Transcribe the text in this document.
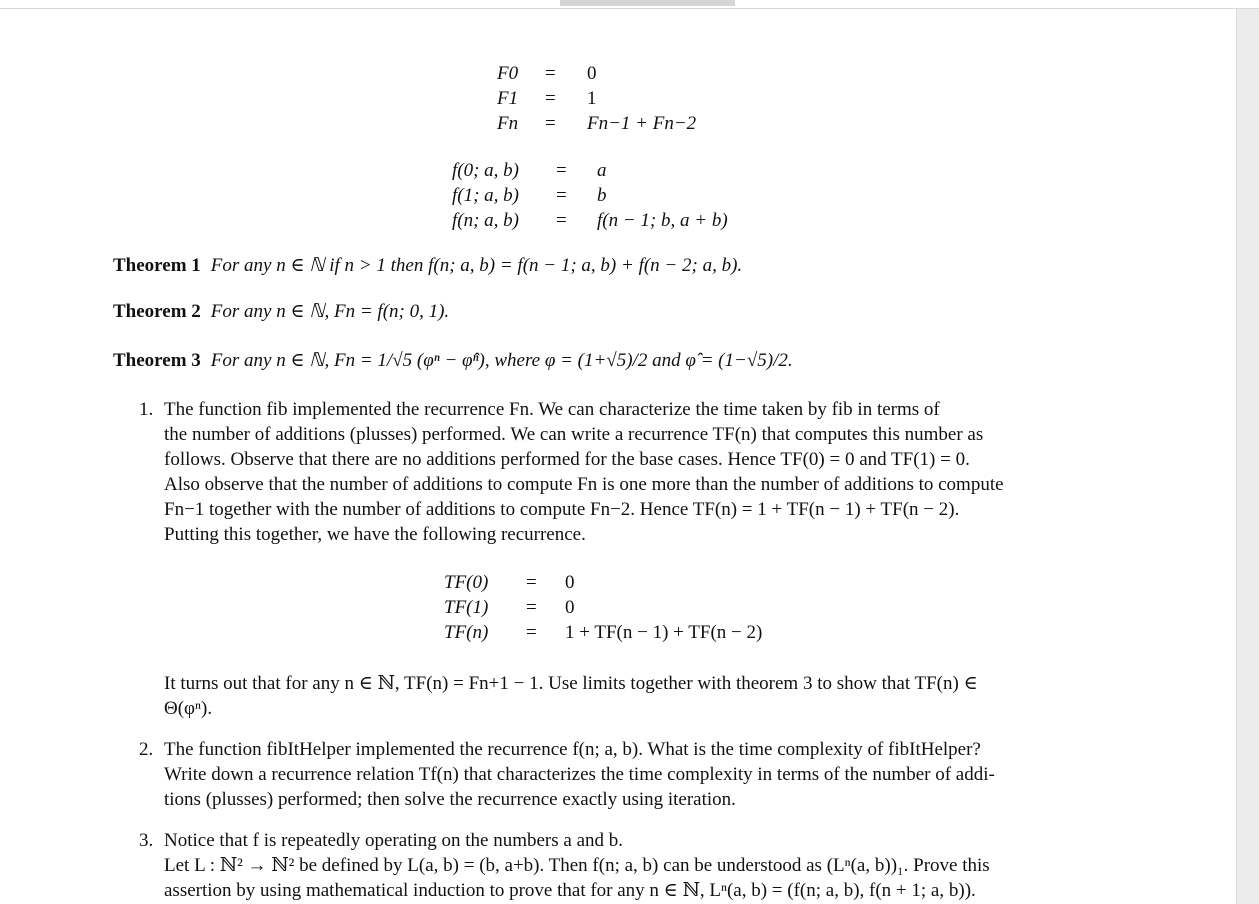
F0 = 0
F1 = 1
Fn = Fn−1 + Fn−2
f(0; a, b) = a
f(1; a, b) = b
f(n; a, b) = f(n − 1; b, a + b)
Theorem 1 For any n ∈ ℕ if n > 1 then f(n; a, b) = f(n − 1; a, b) + f(n − 2; a, b).
Theorem 2 For any n ∈ ℕ, Fn = f(n; 0, 1).
Theorem 3 For any n ∈ ℕ, Fn = 1/√5 (φⁿ − φ̂ⁿ), where φ = (1+√5)/2 and φ̂ = (1−√5)/2.
1. The function fib implemented the recurrence Fn. We can characterize the time taken by fib in terms of
the number of additions (plusses) performed. We can write a recurrence TF(n) that computes this number as
follows. Observe that there are no additions performed for the base cases. Hence TF(0) = 0 and TF(1) = 0.
Also observe that the number of additions to compute Fn is one more than the number of additions to compute
Fn−1 together with the number of additions to compute Fn−2. Hence TF(n) = 1 + TF(n − 1) + TF(n − 2).
Putting this together, we have the following recurrence.
TF(0) = 0
TF(1) = 0
TF(n) = 1 + TF(n − 1) + TF(n − 2)
It turns out that for any n ∈ ℕ, TF(n) = Fn+1 − 1. Use limits together with theorem 3 to show that TF(n) ∈
Θ(φⁿ).
2. The function fibItHelper implemented the recurrence f(n; a, b). What is the time complexity of fibItHelper?
Write down a recurrence relation Tf(n) that characterizes the time complexity in terms of the number of addi-
tions (plusses) performed; then solve the recurrence exactly using iteration.
3. Notice that f is repeatedly operating on the numbers a and b.
Let L : ℕ² → ℕ² be defined by L(a, b) = (b, a+b). Then f(n; a, b) can be understood as (Lⁿ(a, b))₁. Prove this
assertion by using mathematical induction to prove that for any n ∈ ℕ, Lⁿ(a, b) = (f(n; a, b), f(n + 1; a, b)).
